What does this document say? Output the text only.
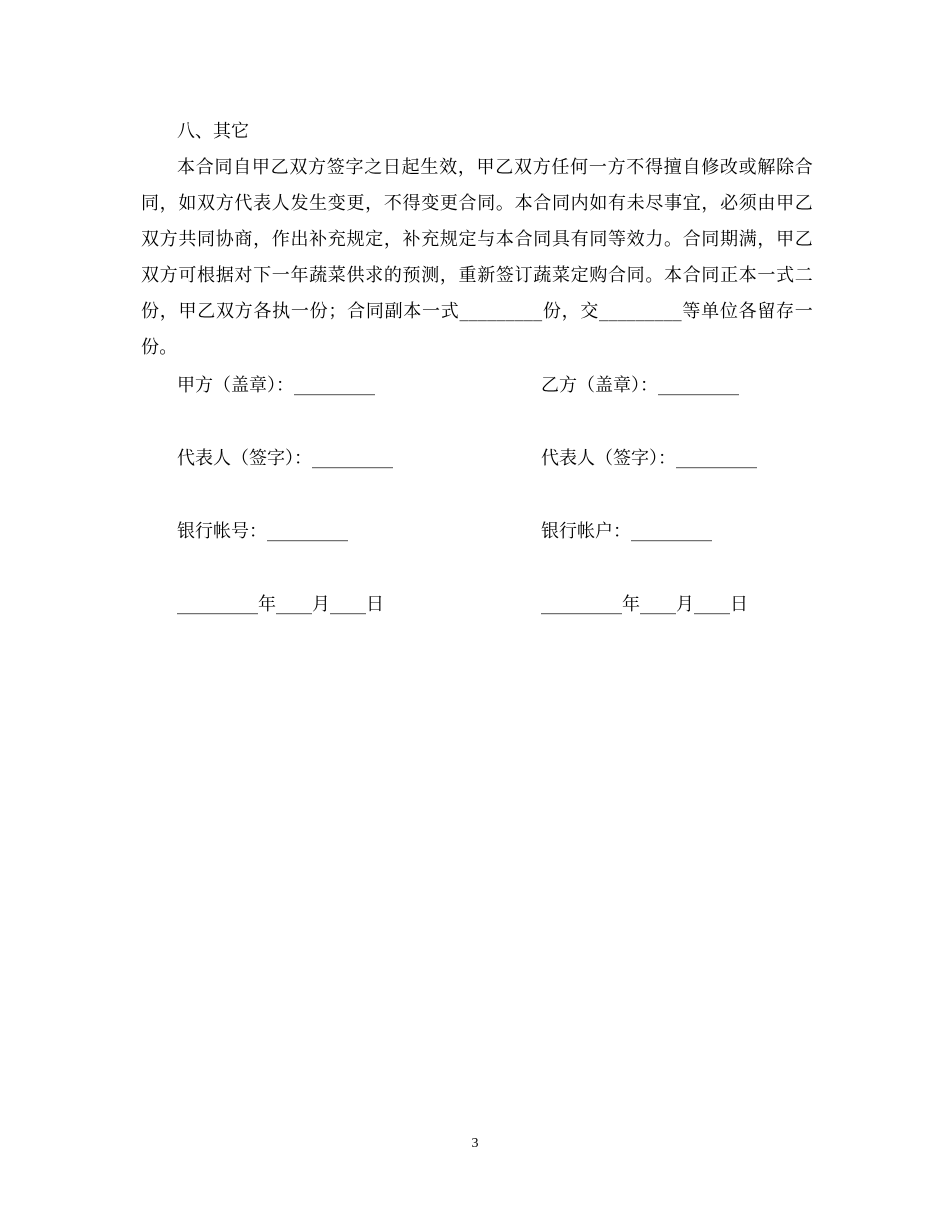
八、其它

本合同自甲乙双方签字之日起生效，甲乙双方任何一方不得擅自修改或解除合同，如双方代表人发生变更，不得变更合同。本合同内如有未尽事宜，必须由甲乙双方共同协商，作出补充规定，补充规定与本合同具有同等效力。合同期满，甲乙双方可根据对下一年蔬菜供求的预测，重新签订蔬菜定购合同。本合同正本一式二份，甲乙双方各执一份；合同副本一式_________份，交_________等单位各留存一份。

甲方（盖章）：_________	乙方（盖章）：_________
代表人（签字）：_________	代表人（签字）：_________
银行帐号：_________	银行帐户：_________
_________年____月____日	_________年____月____日
3
